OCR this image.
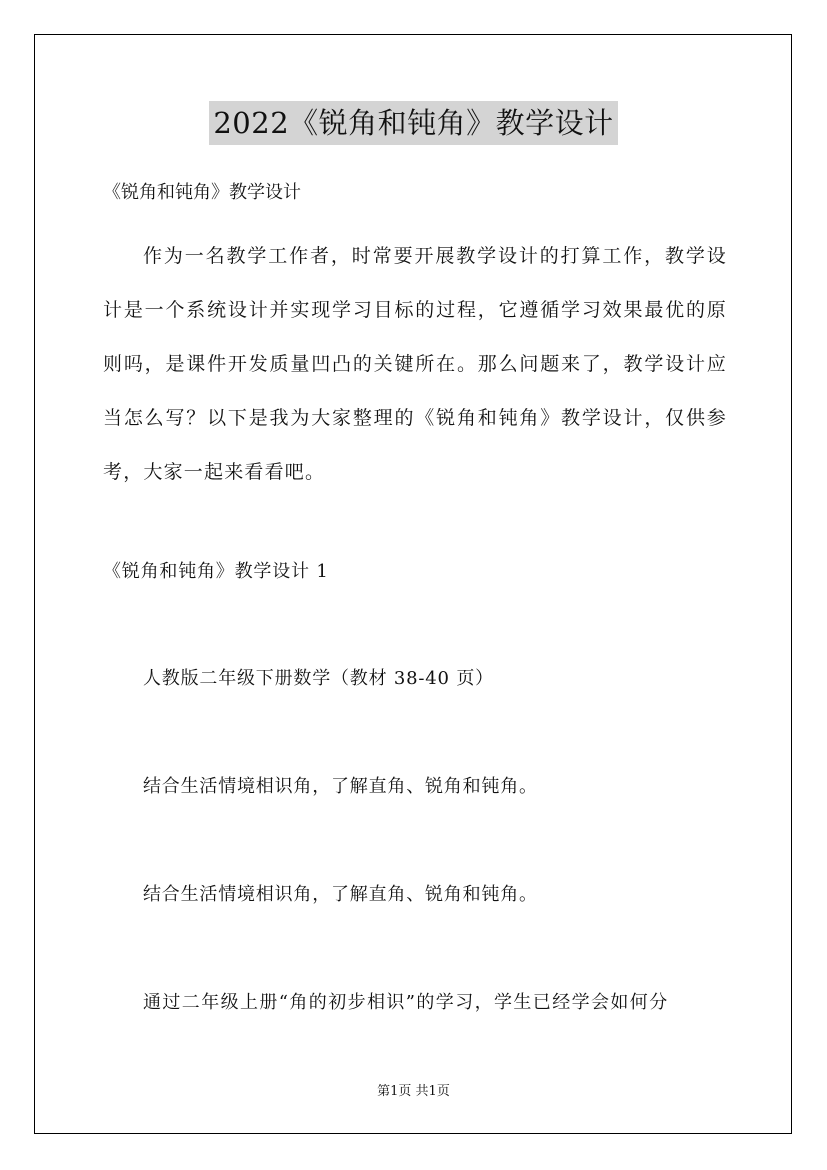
2022《锐角和钝角》教学设计
《锐角和钝角》教学设计
作为一名教学工作者，时常要开展教学设计的打算工作，教学设计是一个系统设计并实现学习目标的过程，它遵循学习效果最优的原则吗，是课件开发质量凹凸的关键所在。那么问题来了，教学设计应当怎么写？以下是我为大家整理的《锐角和钝角》教学设计，仅供参考，大家一起来看看吧。
《锐角和钝角》教学设计 1
人教版二年级下册数学（教材 38-40 页）
结合生活情境相识角，了解直角、锐角和钝角。
结合生活情境相识角，了解直角、锐角和钝角。
通过二年级上册“角的初步相识”的学习，学生已经学会如何分
第1页 共1页
